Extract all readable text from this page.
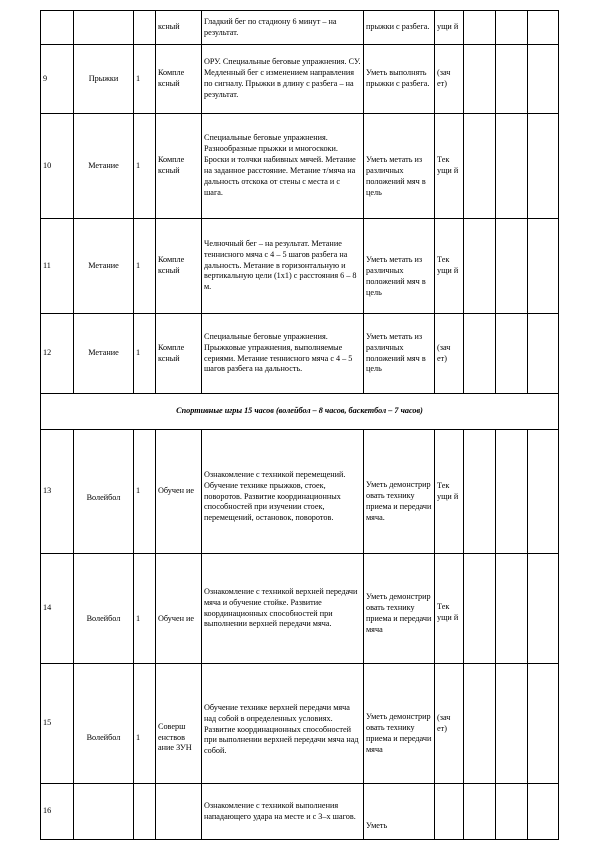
			ксный	Гладкий бег по стадиону 6 минут – на результат.	прыжки с разбега.	ущи й			
9	Прыжки	1	Компле ксный	ОРУ. Специальные беговые упражнения. СУ. Медленный бег с изменением направления по сигналу. Прыжки в длину с разбега – на результат.	Уметь выполнять прыжки с разбега.	(зач ет)			
10	Метание	1	Компле ксный	Специальные беговые упражнения. Разнообразные прыжки и многоскоки. Броски и толчки набивных мячей. Метание на заданное расстояние. Метание т/мяча на дальность отскока от стены с места и с шага.	Уметь метать из различных положений мяч в цель	Тек ущи й			
11	Метание	1	Компле ксный	Челночный бег – на результат. Метание теннисного мяча с 4 – 5 шагов разбега на дальность. Метание в горизонтальную и вертикальную цели (1х1) с расстояния 6 – 8 м.	Уметь метать из различных положений мяч в цель	Тек ущи й			
12	Метание	1	Компле ксный	Специальные беговые упражнения. Прыжковые упражнения, выполняемые сериями. Метание теннисного мяча с 4 – 5 шагов разбега на дальность.	Уметь метать из различных положений мяч в цель	(зач ет)			
Спортивные игры 15 часов (волейбол – 8 часов, баскетбол – 7 часов)									
13	Волейбол	1	Обучен ие	Ознакомление с техникой перемещений. Обучение технике прыжков, стоек, поворотов. Развитие координационных способностей при изучении стоек, перемещений, остановок, поворотов.	Уметь демонстрир овать технику приема и передачи мяча.	Тек ущи й			
14	Волейбол	1	Обучен ие	Ознакомление с техникой верхней передачи мяча и обучение стойке. Развитие координационных способностей при выполнении верхней передачи мяча.	Уметь демонстрир овать технику приема и передачи мяча	Тек ущи й			
15	Волейбол	1	Соверш енствов ание ЗУН	Обучение технике верхней передачи мяча над собой в определенных условиях. Развитие координационных способностей при выполнении верхней передачи мяча над собой.	Уметь демонстрир овать технику приема и передачи мяча	(зач ет)			
16				Ознакомление с техникой выполнения нападающего удара на месте и с 3–х шагов.	Уметь				
